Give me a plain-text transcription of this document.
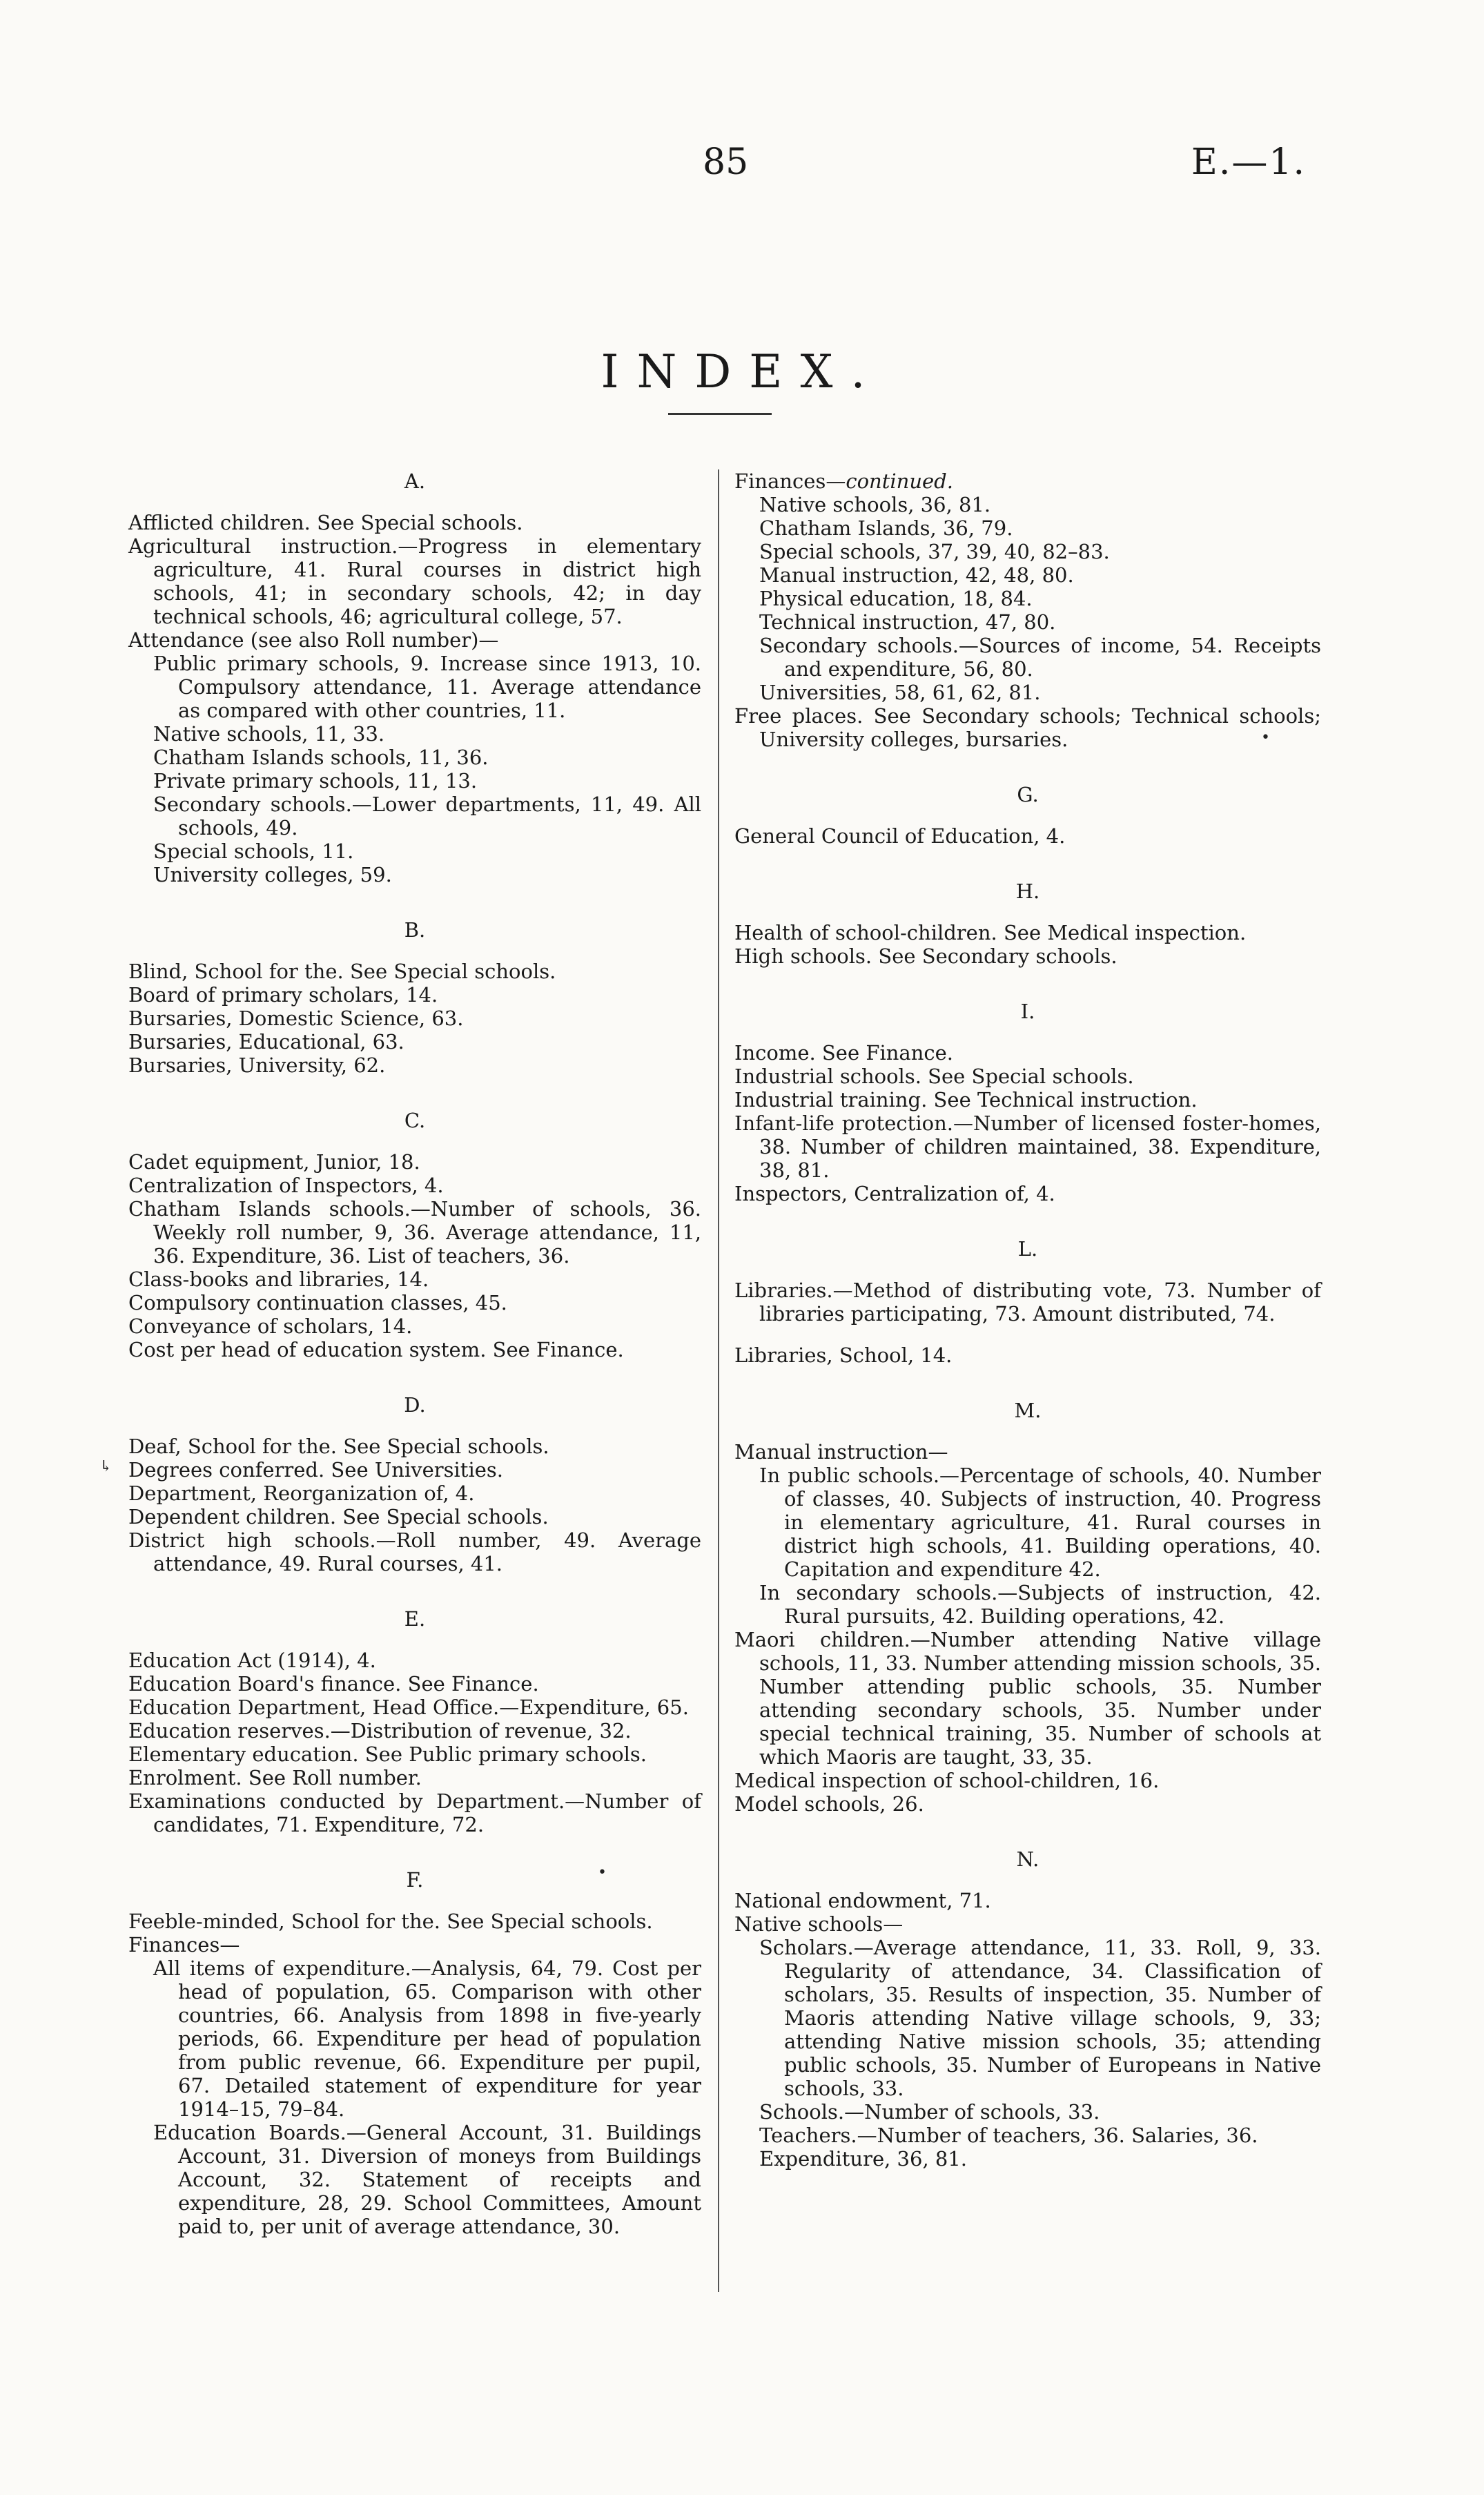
85	E.—1.
INDEX.
A.
Afflicted children. See Special schools.
Agricultural instruction.—Progress in elementary agriculture, 41. Rural courses in district high schools, 41; in secondary schools, 42; in day technical schools, 46; agricultural college, 57.
Attendance (see also Roll number)—
Public primary schools, 9. Increase since 1913, 10. Compulsory attendance, 11. Average attendance as compared with other countries, 11.
Native schools, 11, 33.
Chatham Islands schools, 11, 36.
Private primary schools, 11, 13.
Secondary schools.—Lower departments, 11, 49. All schools, 49.
Special schools, 11.
University colleges, 59.
B.
Blind, School for the. See Special schools.
Board of primary scholars, 14.
Bursaries, Domestic Science, 63.
Bursaries, Educational, 63.
Bursaries, University, 62.
C.
Cadet equipment, Junior, 18.
Centralization of Inspectors, 4.
Chatham Islands schools.—Number of schools, 36. Weekly roll number, 9, 36. Average attendance, 11, 36. Expenditure, 36. List of teachers, 36.
Class-books and libraries, 14.
Compulsory continuation classes, 45.
Conveyance of scholars, 14.
Cost per head of education system. See Finance.
D.
Deaf, School for the. See Special schools.
Degrees conferred. See Universities.
Department, Reorganization of, 4.
Dependent children. See Special schools.
District high schools.—Roll number, 49. Average attendance, 49. Rural courses, 41.
E.
Education Act (1914), 4.
Education Board's finance. See Finance.
Education Department, Head Office.—Expenditure, 65.
Education reserves.—Distribution of revenue, 32.
Elementary education. See Public primary schools.
Enrolment. See Roll number.
Examinations conducted by Department.—Number of candidates, 71. Expenditure, 72.
F.
Feeble-minded, School for the. See Special schools.
Finances—
All items of expenditure.—Analysis, 64, 79. Cost per head of population, 65. Comparison with other countries, 66. Analysis from 1898 in five-yearly periods, 66. Expenditure per head of population from public revenue, 66. Expenditure per pupil, 67. Detailed statement of expenditure for year 1914–15, 79–84.
Education Boards.—General Account, 31. Buildings Account, 31. Diversion of moneys from Buildings Account, 32. Statement of receipts and expenditure, 28, 29. School Committees, Amount paid to, per unit of average attendance, 30.
Finances—continued.
Native schools, 36, 81.
Chatham Islands, 36, 79.
Special schools, 37, 39, 40, 82–83.
Manual instruction, 42, 48, 80.
Physical education, 18, 84.
Technical instruction, 47, 80.
Secondary schools.—Sources of income, 54. Receipts and expenditure, 56, 80.
Universities, 58, 61, 62, 81.
Free places. See Secondary schools; Technical schools; University colleges, bursaries.
G.
General Council of Education, 4.
H.
Health of school-children. See Medical inspection.
High schools. See Secondary schools.
I.
Income. See Finance.
Industrial schools. See Special schools.
Industrial training. See Technical instruction.
Infant-life protection.—Number of licensed foster-homes, 38. Number of children maintained, 38. Expenditure, 38, 81.
Inspectors, Centralization of, 4.
L.
Libraries.—Method of distributing vote, 73. Number of libraries participating, 73. Amount distributed, 74.
Libraries, School, 14.
M.
Manual instruction—
In public schools.—Percentage of schools, 40. Number of classes, 40. Subjects of instruction, 40. Progress in elementary agriculture, 41. Rural courses in district high schools, 41. Building operations, 40. Capitation and expenditure 42.
In secondary schools.—Subjects of instruction, 42. Rural pursuits, 42. Building operations, 42.
Maori children.—Number attending Native village schools, 11, 33. Number attending mission schools, 35. Number attending public schools, 35. Number attending secondary schools, 35. Number under special technical training, 35. Number of schools at which Maoris are taught, 33, 35.
Medical inspection of school-children, 16.
Model schools, 26.
N.
National endowment, 71.
Native schools—
Scholars.—Average attendance, 11, 33. Roll, 9, 33. Regularity of attendance, 34. Classification of scholars, 35. Results of inspection, 35. Number of Maoris attending Native village schools, 9, 33; attending Native mission schools, 35; attending public schools, 35. Number of Europeans in Native schools, 33.
Schools.—Number of schools, 33.
Teachers.—Number of teachers, 36. Salaries, 36.
Expenditure, 36, 81.
↳
•
•
